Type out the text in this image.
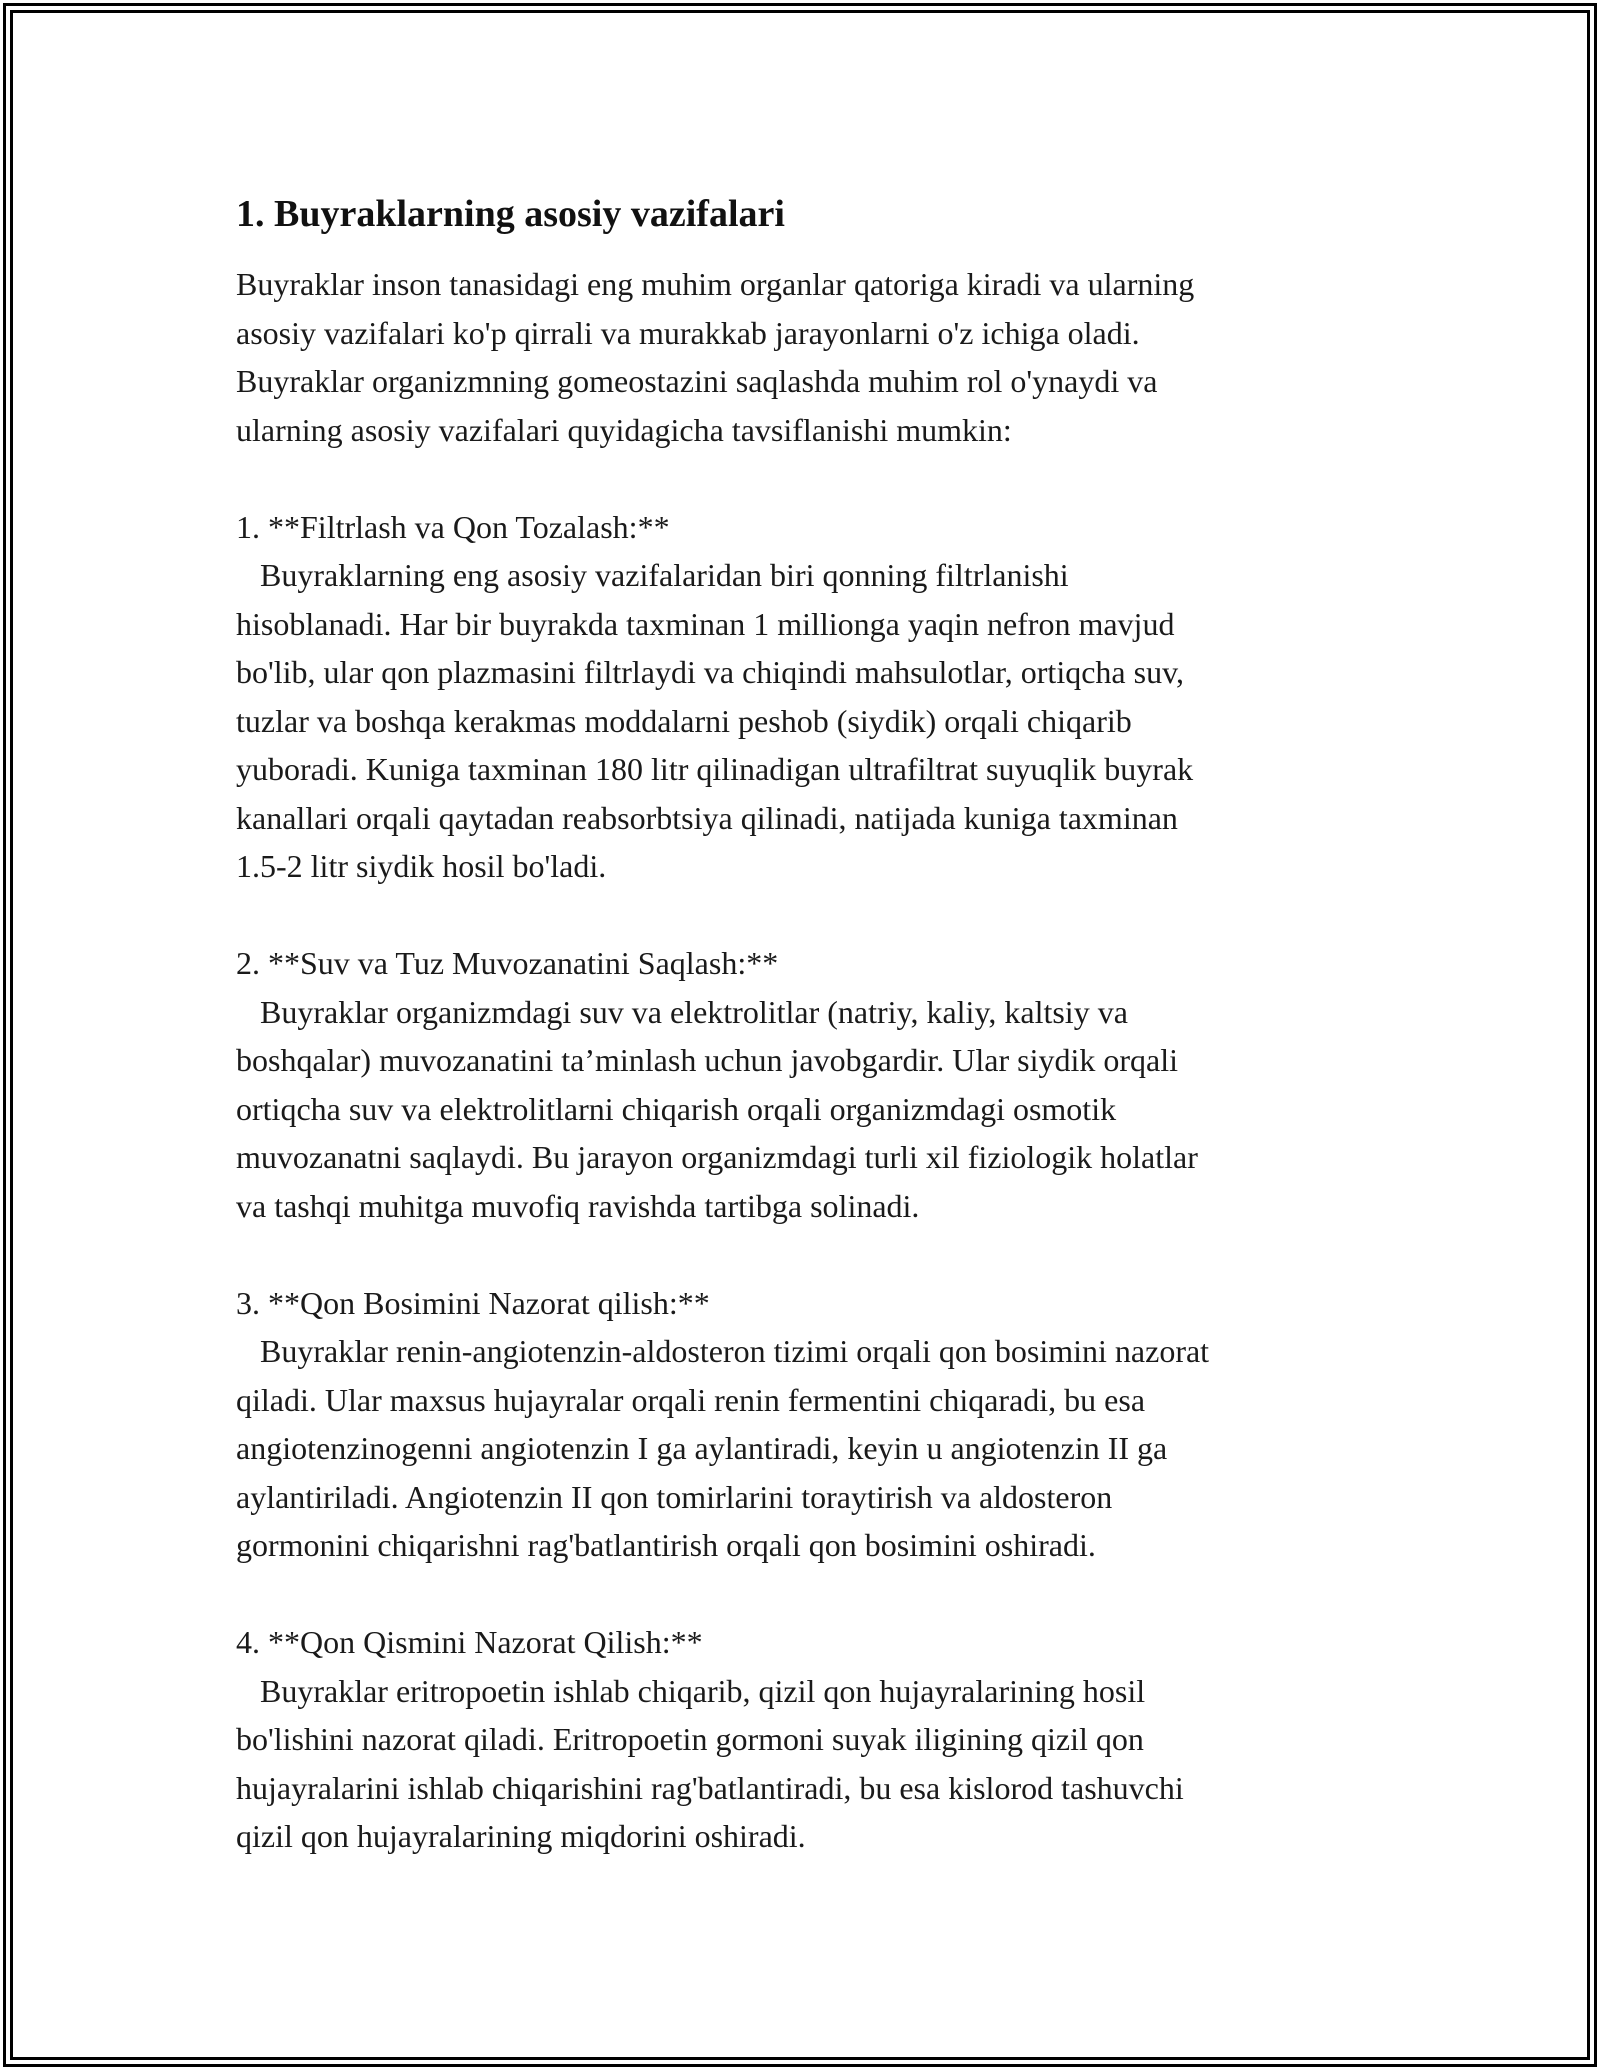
1. Buyraklarning asosiy vazifalari

Buyraklar inson tanasidagi eng muhim organlar qatoriga kiradi va ularning
asosiy vazifalari ko'p qirrali va murakkab jarayonlarni o'z ichiga oladi.
Buyraklar organizmning gomeostazini saqlashda muhim rol o'ynaydi va
ularning asosiy vazifalari quyidagicha tavsiflanishi mumkin:

1. **Filtrlash va Qon Tozalash:**
Buyraklarning eng asosiy vazifalaridan biri qonning filtrlanishi
hisoblanadi. Har bir buyrakda taxminan 1 millionga yaqin nefron mavjud
bo'lib, ular qon plazmasini filtrlaydi va chiqindi mahsulotlar, ortiqcha suv,
tuzlar va boshqa kerakmas moddalarni peshob (siydik) orqali chiqarib
yuboradi. Kuniga taxminan 180 litr qilinadigan ultrafiltrat suyuqlik buyrak
kanallari orqali qaytadan reabsorbtsiya qilinadi, natijada kuniga taxminan
1.5-2 litr siydik hosil bo'ladi.

2. **Suv va Tuz Muvozanatini Saqlash:**
Buyraklar organizmdagi suv va elektrolitlar (natriy, kaliy, kaltsiy va
boshqalar) muvozanatini ta’minlash uchun javobgardir. Ular siydik orqali
ortiqcha suv va elektrolitlarni chiqarish orqali organizmdagi osmotik
muvozanatni saqlaydi. Bu jarayon organizmdagi turli xil fiziologik holatlar
va tashqi muhitga muvofiq ravishda tartibga solinadi.

3. **Qon Bosimini Nazorat qilish:**
Buyraklar renin-angiotenzin-aldosteron tizimi orqali qon bosimini nazorat
qiladi. Ular maxsus hujayralar orqali renin fermentini chiqaradi, bu esa
angiotenzinogenni angiotenzin I ga aylantiradi, keyin u angiotenzin II ga
aylantiriladi. Angiotenzin II qon tomirlarini toraytirish va aldosteron
gormonini chiqarishni rag'batlantirish orqali qon bosimini oshiradi.

4. **Qon Qismini Nazorat Qilish:**
Buyraklar eritropoetin ishlab chiqarib, qizil qon hujayralarining hosil
bo'lishini nazorat qiladi. Eritropoetin gormoni suyak iligining qizil qon
hujayralarini ishlab chiqarishini rag'batlantiradi, bu esa kislorod tashuvchi
qizil qon hujayralarining miqdorini oshiradi.
